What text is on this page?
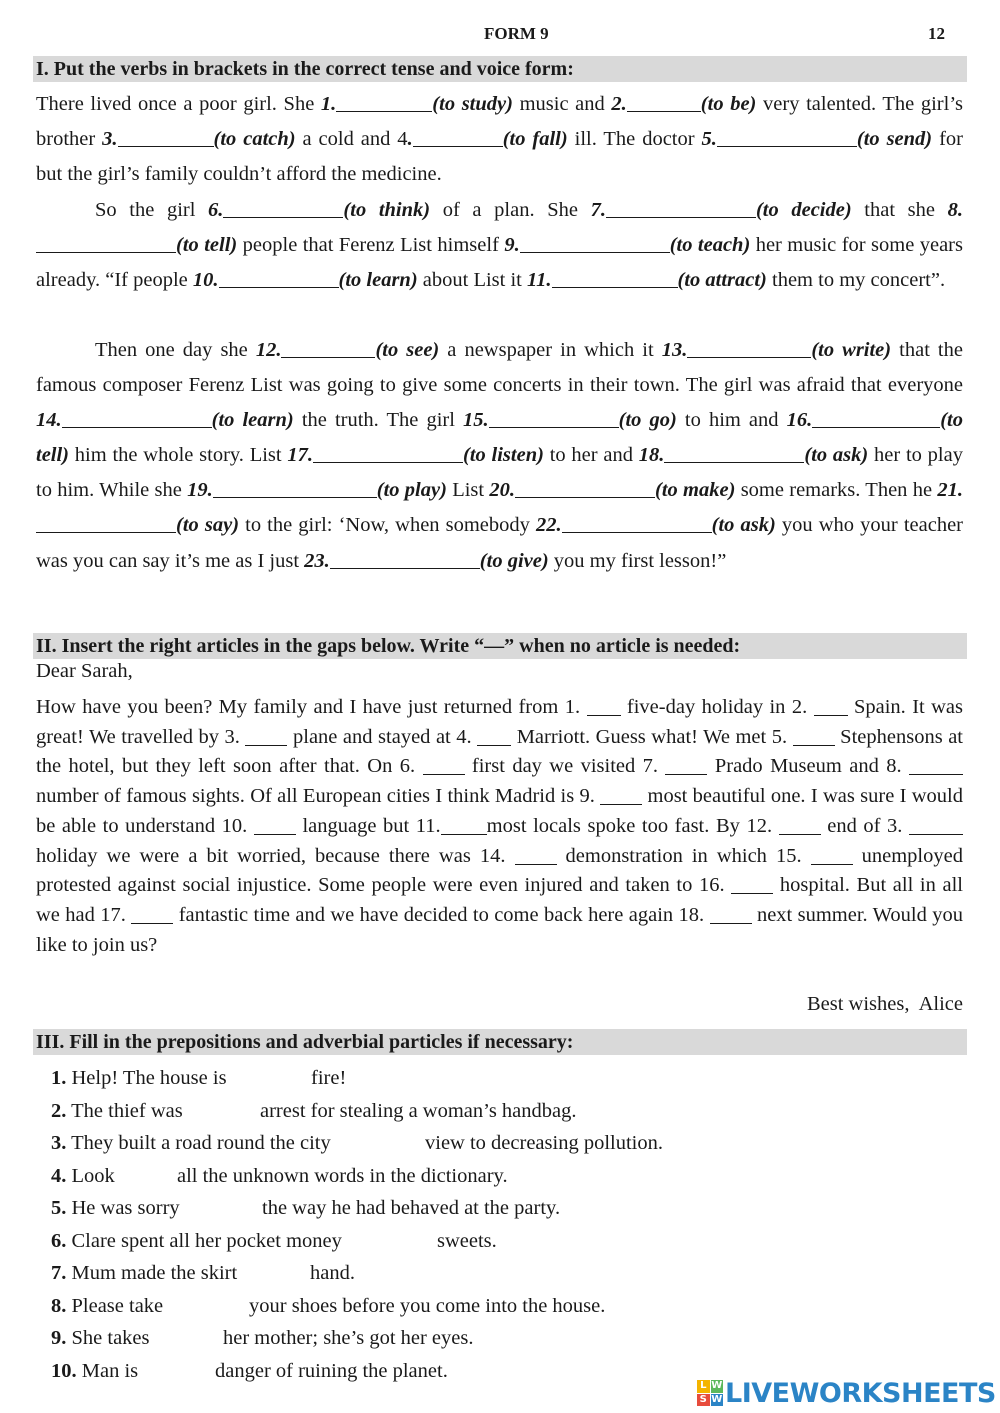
FORM 9	12
I. Put the verbs in brackets in the correct tense and voice form:
There lived once a poor girl. She 1.	(to study) music and 2.	(to be) very talented. The girl’s brother 3.	(to catch) a cold and 4.	(to fall) ill. The doctor 5.	(to send) for but the girl’s family couldn’t afford the medicine.
So the girl 6.	(to think) of a plan. She 7.	(to decide) that she 8.(to tell) people that Ferenz List himself 9.	(to teach) her music for some years already. “If people 10.	(to learn) about List it 11.	(to attract) them to my concert”.
Then one day she 12.	(to see) a newspaper in which it 13.	(to write) that the famous composer Ferenz List was going to give some concerts in their town. The girl was afraid that everyone 14.	(to learn) the truth. The girl 15.	(to go) to him and 16.	(to tell) him the whole story. List 17.	(to listen) to her and 18.	(to ask) her to play to him. While she 19.	(to play) List 20.	(to make) some remarks. Then he 21.(to say) to the girl: ‘Now, when somebody 22.	(to ask) you who your teacher was you can say it’s me as I just 23.	(to give) you my first lesson!”
II. Insert the right articles in the gaps below. Write “—” when no article is needed:
Dear Sarah,
How have you been? My family and I have just returned from 1.  five-day holiday in 2.  Spain. It was great! We travelled by 3.  plane and stayed at 4.  Marriott. Guess what! We met 5.  Stephensons at the hotel, but they left soon after that. On 6.  first day we visited 7.  Prado Museum and 8.  number of famous sights. Of all European cities I think Madrid is 9.  most beautiful one. I was sure I would be able to understand 10.  language but 11. most locals spoke too fast. By 12.  end of 3.  holiday we were a bit worried, because there was 14.  demonstration in which 15.  unemployed protested against social injustice. Some people were even injured and taken to 16.  hospital. But all in all we had 17.  fantastic time and we have decided to come back here again 18.  next summer. Would you like to join us?
Best wishes,  Alice
III. Fill in the prepositions and adverbial particles if necessary:
1. Help! The house is	fire!
2. The thief was	arrest for stealing a woman’s handbag.
3. They built a road round the city	view to decreasing pollution.
4. Look	all the unknown words in the dictionary.
5. He was sorry	the way he had behaved at the party.
6. Clare spent all her pocket money	sweets.
7. Mum made the skirt	hand.
8. Please take	your shoes before you come into the house.
9. She takes	her mother; she’s got her eyes.
10. Man is	danger of ruining the planet.
L W
S W LIVEWORKSHEETS
